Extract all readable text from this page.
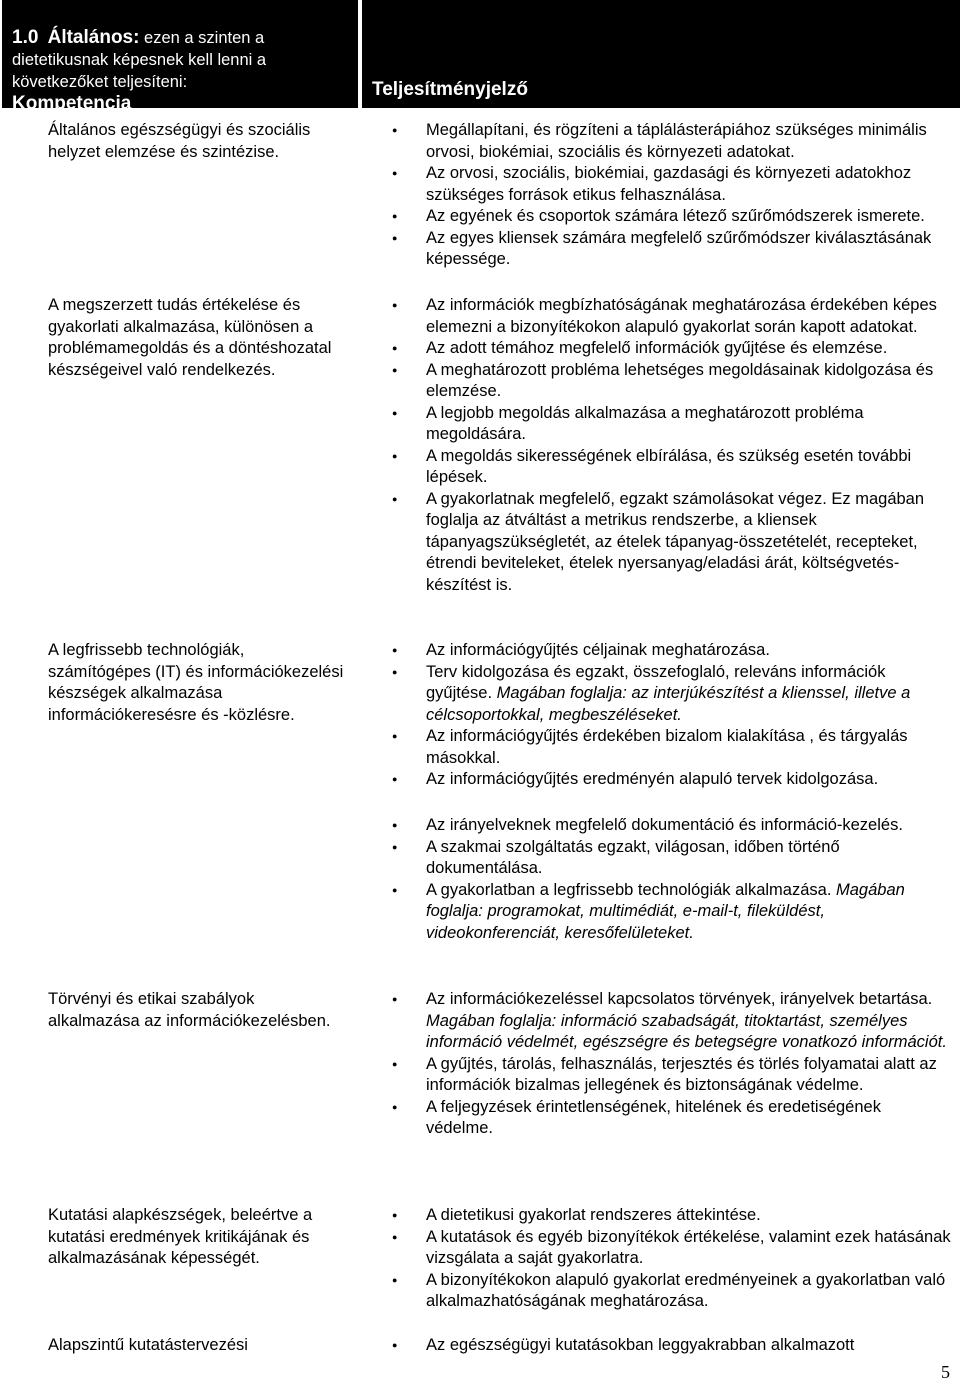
1.0 Általános: ezen a szinten a dietetikusnak képesnek kell lenni a következőket teljesíteni:
Kompetencia
Teljesítményjelző
Általános egészségügyi és szociális helyzet elemzése és szintézise.
A megszerzett tudás értékelése és gyakorlati alkalmazása, különösen a problémamegoldás és a döntéshozatal készségeivel való rendelkezés.
A legfrissebb technológiák, számítógépes (IT) és információkezelési készségek alkalmazása információkeresésre és -közlésre.
Törvényi és etikai szabályok alkalmazása az információkezelésben.
Kutatási alapkészségek, beleértve a kutatási eredmények kritikájának és alkalmazásának képességét.
Alapszintű kutatástervezési
● Megállapítani, és rögzíteni a táplálásterápiához szükséges minimális orvosi, biokémiai, szociális és környezeti adatokat.
● Az orvosi, szociális, biokémiai, gazdasági és környezeti adatokhoz szükséges források etikus felhasználása.
● Az egyének és csoportok számára létező szűrőmódszerek ismerete.
● Az egyes kliensek számára megfelelő szűrőmódszer kiválasztásának képessége.
● Az információk megbízhatóságának meghatározása érdekében képes elemezni a bizonyítékokon alapuló gyakorlat során kapott adatokat.
● Az adott témához megfelelő információk gyűjtése és elemzése.
● A meghatározott probléma lehetséges megoldásainak kidolgozása és elemzése.
● A legjobb megoldás alkalmazása a meghatározott probléma megoldására.
● A megoldás sikerességének elbírálása, és szükség esetén további lépések.
● A gyakorlatnak megfelelő, egzakt számolásokat végez. Ez magában foglalja az átváltást a metrikus rendszerbe, a kliensek tápanyagszükségletét, az ételek tápanyag-összetételét, recepteket, étrendi bevitelеket, ételek nyersanyag/eladási árát, költségvetés-készítést is.
● Az információgyűjtés céljainak meghatározása.
● Terv kidolgozása és egzakt, összefoglaló, releváns információk gyűjtése. Magában foglalja: az interjúkészítést a klienssel, illetve a célcsoportokkal, megbeszéléseket.
● Az információgyűjtés érdekében bizalom kialakítása , és tárgyalás másokkal.
● Az információgyűjtés eredményén alapuló tervek kidolgozása.
● Az irányelveknek megfelelő dokumentáció és információ-kezelés.
● A szakmai szolgáltatás egzakt, világosan, időben történő dokumentálása.
● A gyakorlatban a legfrissebb technológiák alkalmazása. Magában foglalja: programokat, multimédiát, e-mail-t, fileküldést, videokonferenciát, keresőfelületeket.
● Az információkezeléssel kapcsolatos törvények, irányelvek betartása. Magában foglalja: információ szabadságát, titoktartást, személyes információ védelmét, egészségre és betegségre vonatkozó információt.
● A gyűjtés, tárolás, felhasználás, terjesztés és törlés folyamatai alatt az információk bizalmas jellegének és biztonságának védelme.
● A feljegyzések érintetlenségének, hitelének és eredetiségének védelme.
● A dietetikusi gyakorlat rendszeres áttekintése.
● A kutatások és egyéb bizonyítékok értékelése, valamint ezek hatásának vizsgálata a saját gyakorlatra.
● A bizonyítékokon alapuló gyakorlat eredményeinek a gyakorlatban való alkalmazhatóságának meghatározása.
● Az egészségügyi kutatásokban leggyakrabban alkalmazott
5
